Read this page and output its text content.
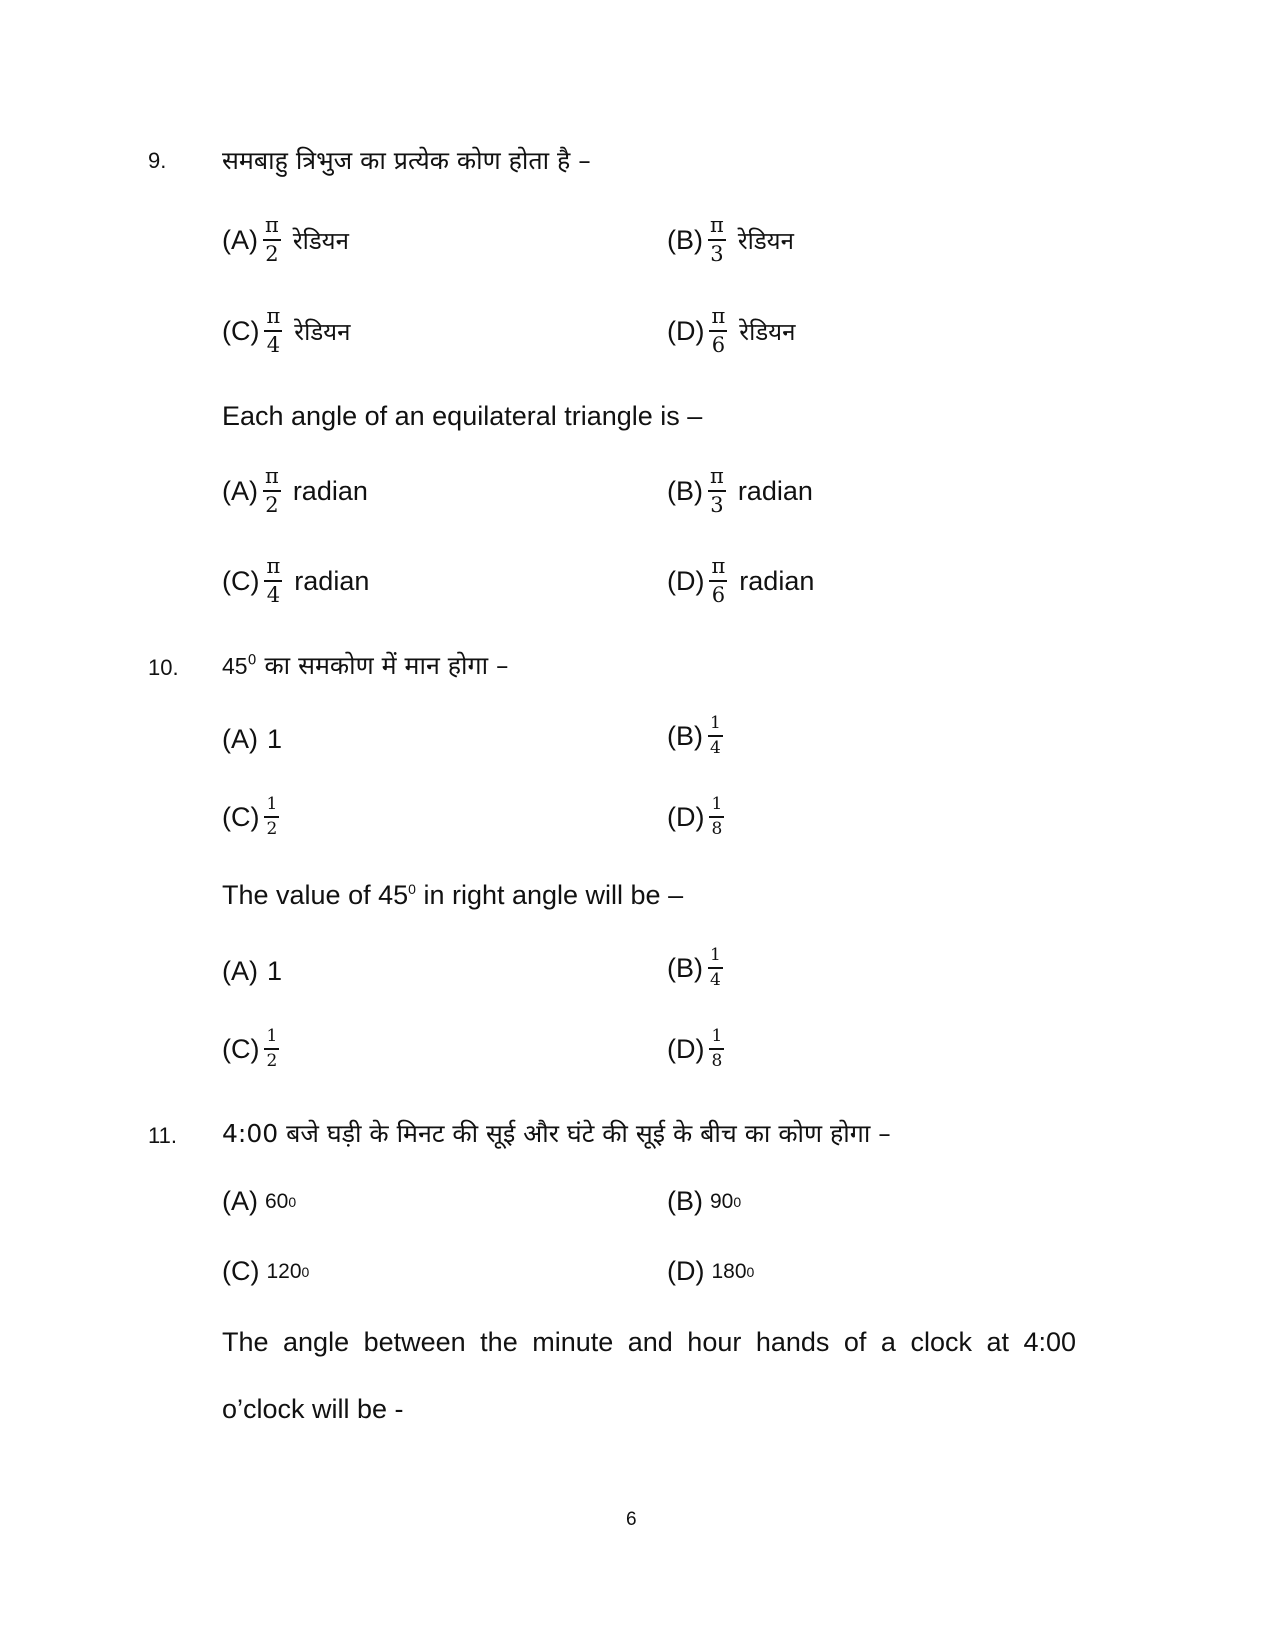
9. समबाहु त्रिभुज का प्रत्येक कोण होता है –
$(A) \frac{\pi}{2}$ रेडियन	$(B) \frac{\pi}{3}$ रेडियन
$(C) \frac{\pi}{4}$ रेडियन	$(D) \frac{\pi}{6}$ रेडियन
Each angle of an equilateral triangle is –
$(A) \frac{\pi}{2}$ radian	$(B) \frac{\pi}{3}$ radian
$(C) \frac{\pi}{4}$ radian	$(D) \frac{\pi}{6}$ radian
10. $45^0$ का समकोण में मान होगा –
(A) 1	$(B) \frac{1}{4}$
$(C) \frac{1}{2}$	$(D) \frac{1}{8}$
The value of $45^0$ in right angle will be –
(A) 1	$(B) \frac{1}{4}$
$(C) \frac{1}{2}$	$(D) \frac{1}{8}$
11. 4:00 बजे घड़ी के मिनट की सूई और घंटे की सूई के बीच का कोण होगा –
(A) 60 0	(B) 90 0
(C) 120 0	(D) 180 0
The angle between the minute and hour hands of a clock at 4:00
o’clock will be -
6
